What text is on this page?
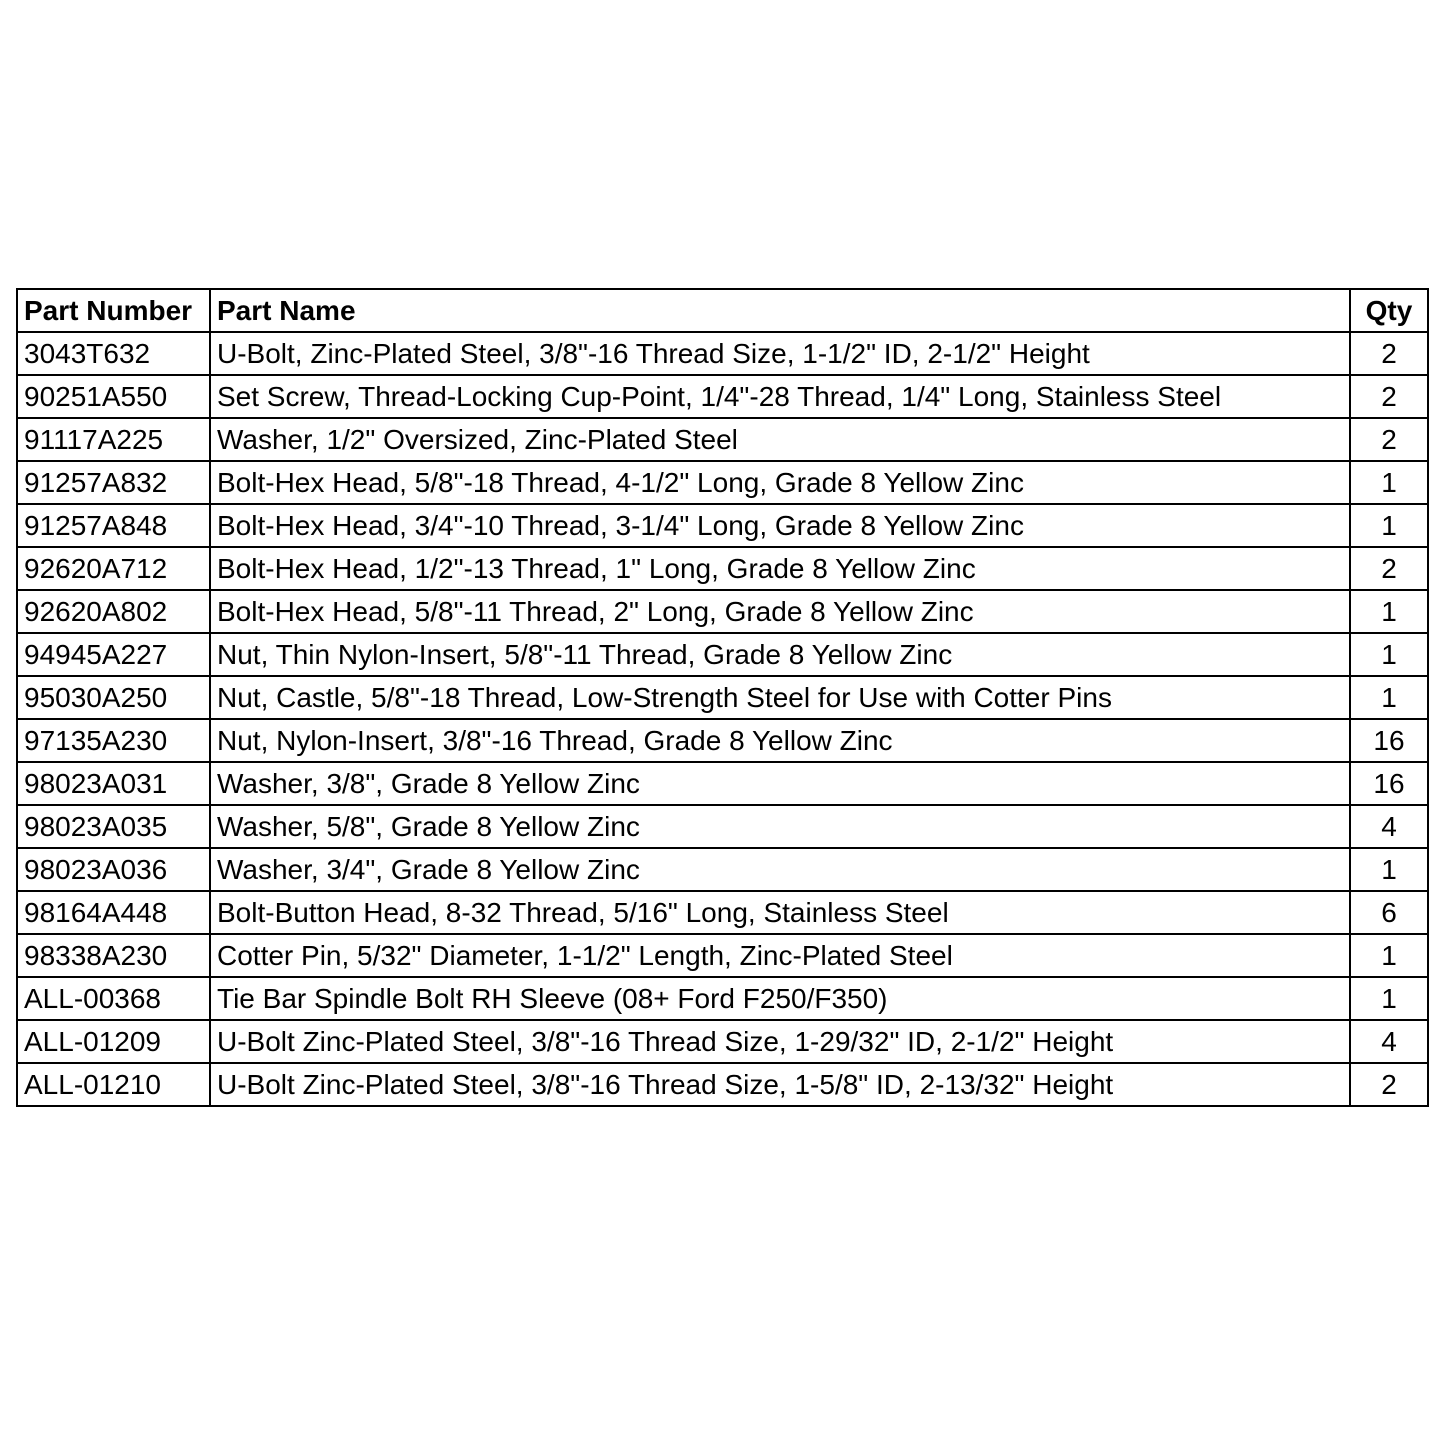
Part Number	Part Name	Qty
3043T632	U-Bolt, Zinc-Plated Steel, 3/8"-16 Thread Size, 1-1/2" ID, 2-1/2" Height	2
90251A550	Set Screw, Thread-Locking Cup-Point, 1/4"-28 Thread, 1/4" Long, Stainless Steel	2
91117A225	Washer, 1/2" Oversized, Zinc-Plated Steel	2
91257A832	Bolt-Hex Head, 5/8"-18 Thread, 4-1/2" Long, Grade 8 Yellow Zinc	1
91257A848	Bolt-Hex Head, 3/4"-10 Thread, 3-1/4" Long, Grade 8 Yellow Zinc	1
92620A712	Bolt-Hex Head, 1/2"-13 Thread, 1" Long, Grade 8 Yellow Zinc	2
92620A802	Bolt-Hex Head, 5/8"-11 Thread, 2" Long, Grade 8 Yellow Zinc	1
94945A227	Nut, Thin Nylon-Insert, 5/8"-11 Thread, Grade 8 Yellow Zinc	1
95030A250	Nut, Castle, 5/8"-18 Thread, Low-Strength Steel for Use with Cotter Pins	1
97135A230	Nut, Nylon-Insert, 3/8"-16 Thread, Grade 8 Yellow Zinc	16
98023A031	Washer, 3/8", Grade 8 Yellow Zinc	16
98023A035	Washer, 5/8", Grade 8 Yellow Zinc	4
98023A036	Washer, 3/4", Grade 8 Yellow Zinc	1
98164A448	Bolt-Button Head, 8-32 Thread, 5/16" Long, Stainless Steel	6
98338A230	Cotter Pin, 5/32" Diameter, 1-1/2" Length, Zinc-Plated Steel	1
ALL-00368	Tie Bar Spindle Bolt RH Sleeve (08+ Ford F250/F350)	1
ALL-01209	U-Bolt Zinc-Plated Steel, 3/8"-16 Thread Size, 1-29/32" ID, 2-1/2" Height	4
ALL-01210	U-Bolt Zinc-Plated Steel, 3/8"-16 Thread Size, 1-5/8" ID, 2-13/32" Height	2
